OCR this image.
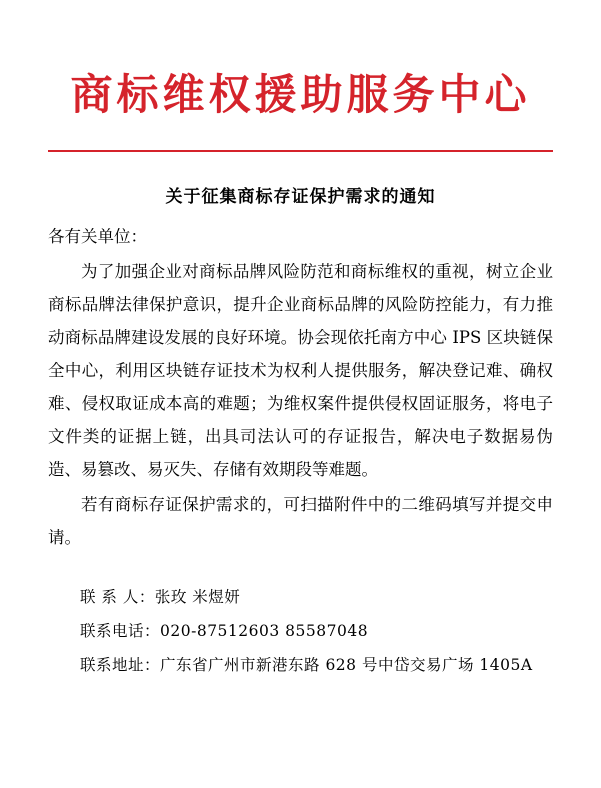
商标维权援助服务中心
关于征集商标存证保护需求的通知
各有关单位：

为了加强企业对商标品牌风险防范和商标维权的重视，树立企业商标品牌法律保护意识，提升企业商标品牌的风险防控能力，有力推动商标品牌建设发展的良好环境。协会现依托南方中心 IPS 区块链保全中心，利用区块链存证技术为权利人提供服务，解决登记难、确权难、侵权取证成本高的难题；为维权案件提供侵权固证服务，将电子文件类的证据上链，出具司法认可的存证报告，解决电子数据易伪造、易篡改、易灭失、存储有效期段等难题。

若有商标存证保护需求的，可扫描附件中的二维码填写并提交申请。

联 系 人：张玫 米煜妍
联系电话：020-87512603 85587048
联系地址：广东省广州市新港东路 628 号中岱交易广场 1405A
